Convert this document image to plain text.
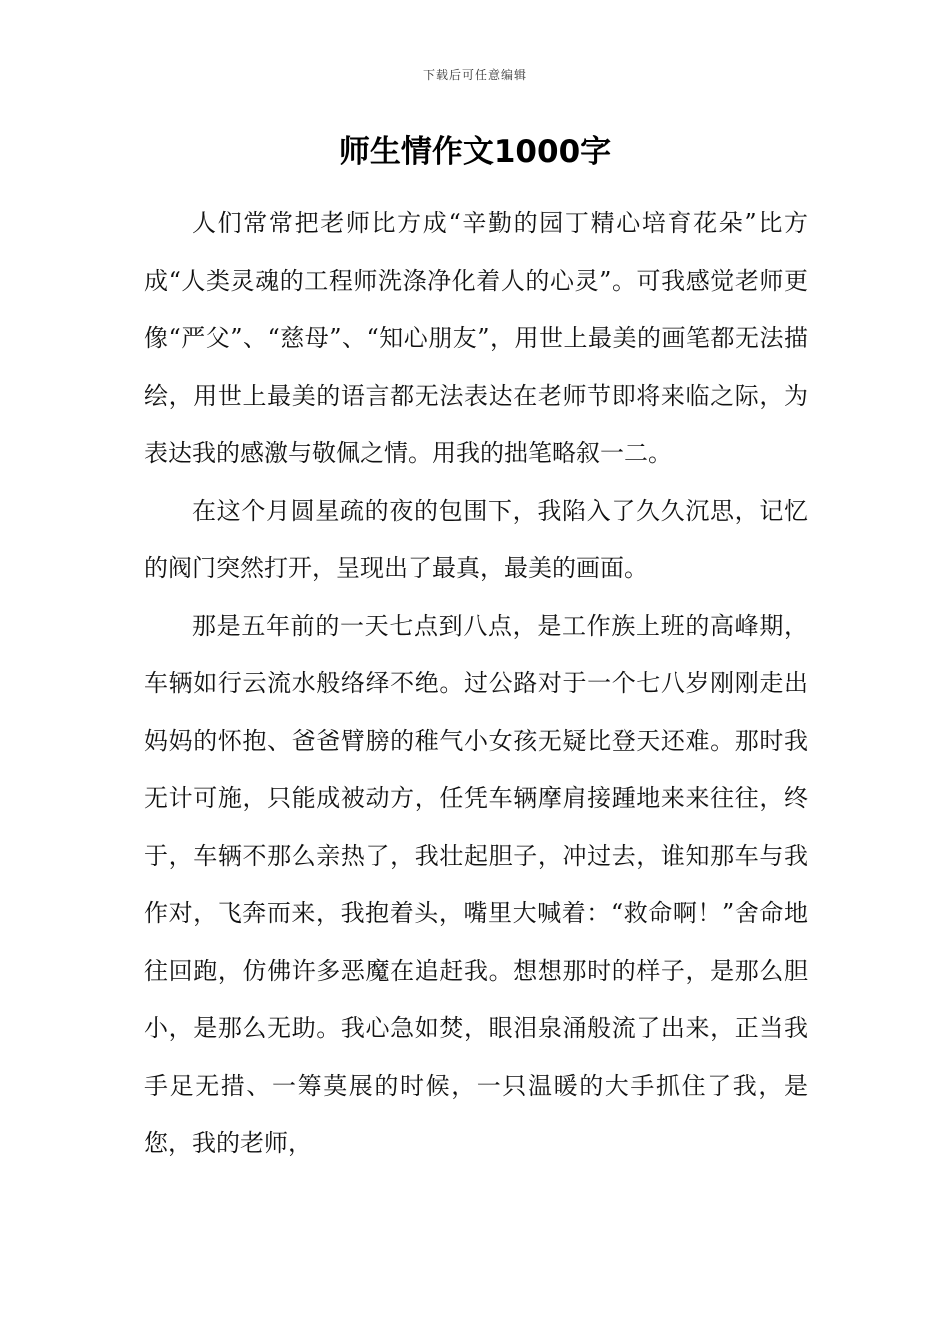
下载后可任意编辑
师生情作文1000字

人们常常把老师比方成“辛勤的园丁精心培育花朵”比方成“人类灵魂的工程师洗涤净化着人的心灵”。可我感觉老师更像“严父”、“慈母”、“知心朋友”，用世上最美的画笔都无法描绘，用世上最美的语言都无法表达在老师节即将来临之际，为表达我的感激与敬佩之情。用我的拙笔略叙一二。

在这个月圆星疏的夜的包围下，我陷入了久久沉思，记忆的阀门突然打开，呈现出了最真，最美的画面。

那是五年前的一天七点到八点，是工作族上班的高峰期，车辆如行云流水般络绎不绝。过公路对于一个七八岁刚刚走出妈妈的怀抱、爸爸臂膀的稚气小女孩无疑比登天还难。那时我无计可施，只能成被动方，任凭车辆摩肩接踵地来来往往，终于，车辆不那么亲热了，我壮起胆子，冲过去，谁知那车与我作对，飞奔而来，我抱着头，嘴里大喊着：“救命啊！”舍命地往回跑，仿佛许多恶魔在追赶我。想想那时的样子，是那么胆小，是那么无助。我心急如焚，眼泪泉涌般流了出来，正当我手足无措、一筹莫展的时候，一只温暖的大手抓住了我，是您，我的老师，
